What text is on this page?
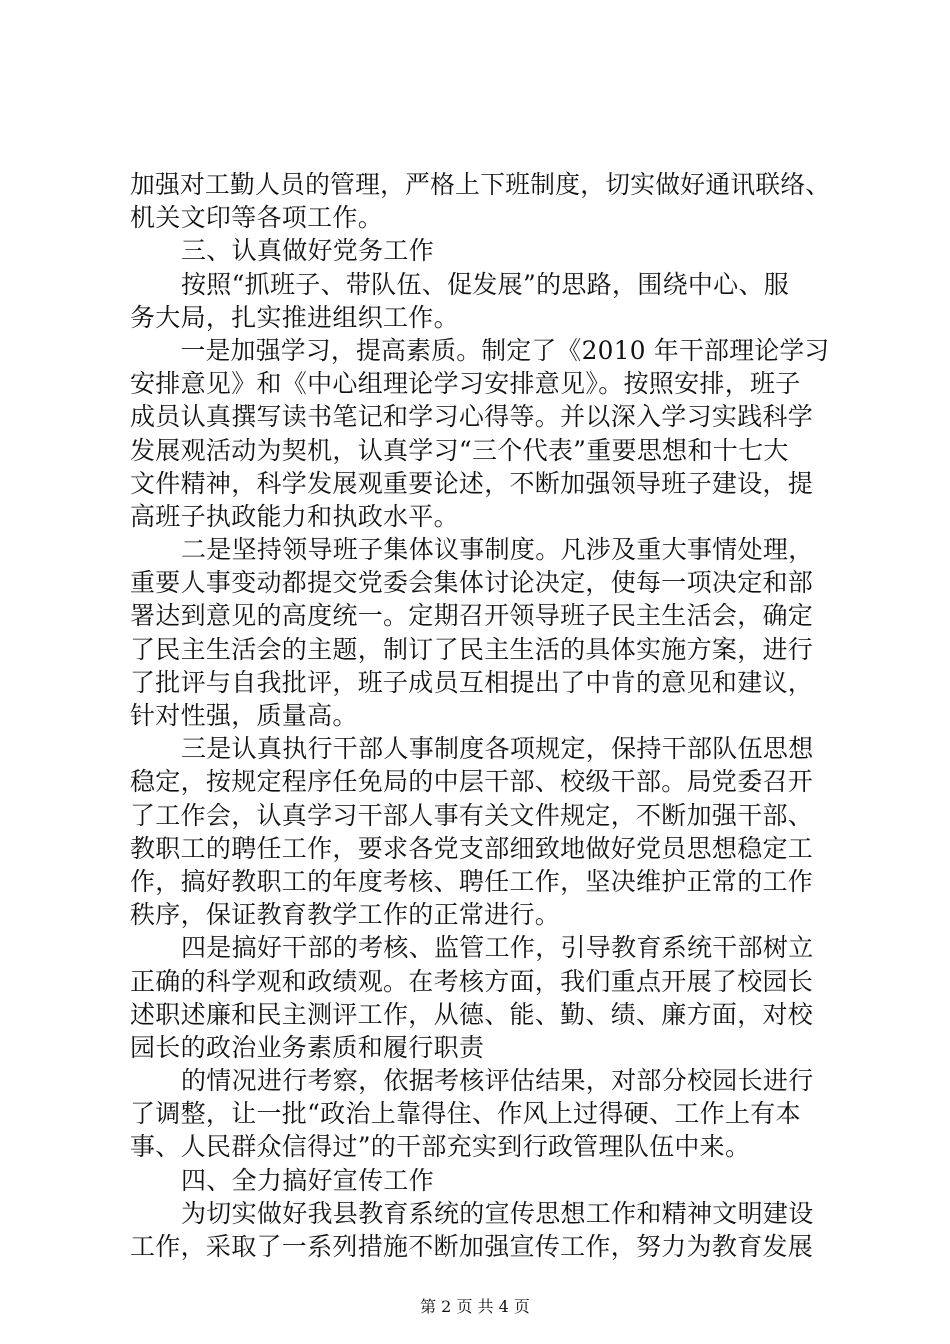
加强对工勤人员的管理，严格上下班制度，切实做好通讯联络、
机关文印等各项工作。
三、认真做好党务工作
按照“抓班子、带队伍、促发展”的思路，围绕中心、服
务大局，扎实推进组织工作。
一是加强学习，提高素质。制定了《2010 年干部理论学习
安排意见》和《中心组理论学习安排意见》。按照安排，班子
成员认真撰写读书笔记和学习心得等。并以深入学习实践科学
发展观活动为契机，认真学习“三个代表”重要思想和十七大
文件精神，科学发展观重要论述，不断加强领导班子建设，提
高班子执政能力和执政水平。
二是坚持领导班子集体议事制度。凡涉及重大事情处理，
重要人事变动都提交党委会集体讨论决定，使每一项决定和部
署达到意见的高度统一。定期召开领导班子民主生活会，确定
了民主生活会的主题，制订了民主生活的具体实施方案，进行
了批评与自我批评，班子成员互相提出了中肯的意见和建议，
针对性强，质量高。
三是认真执行干部人事制度各项规定，保持干部队伍思想
稳定，按规定程序任免局的中层干部、校级干部。局党委召开
了工作会，认真学习干部人事有关文件规定，不断加强干部、
教职工的聘任工作，要求各党支部细致地做好党员思想稳定工
作，搞好教职工的年度考核、聘任工作，坚决维护正常的工作
秩序，保证教育教学工作的正常进行。
四是搞好干部的考核、监管工作，引导教育系统干部树立
正确的科学观和政绩观。在考核方面，我们重点开展了校园长
述职述廉和民主测评工作，从德、能、勤、绩、廉方面，对校
园长的政治业务素质和履行职责
的情况进行考察，依据考核评估结果，对部分校园长进行
了调整，让一批“政治上靠得住、作风上过得硬、工作上有本
事、人民群众信得过”的干部充实到行政管理队伍中来。
四、全力搞好宣传工作
为切实做好我县教育系统的宣传思想工作和精神文明建设
工作，采取了一系列措施不断加强宣传工作，努力为教育发展
第 2 页 共 4 页
